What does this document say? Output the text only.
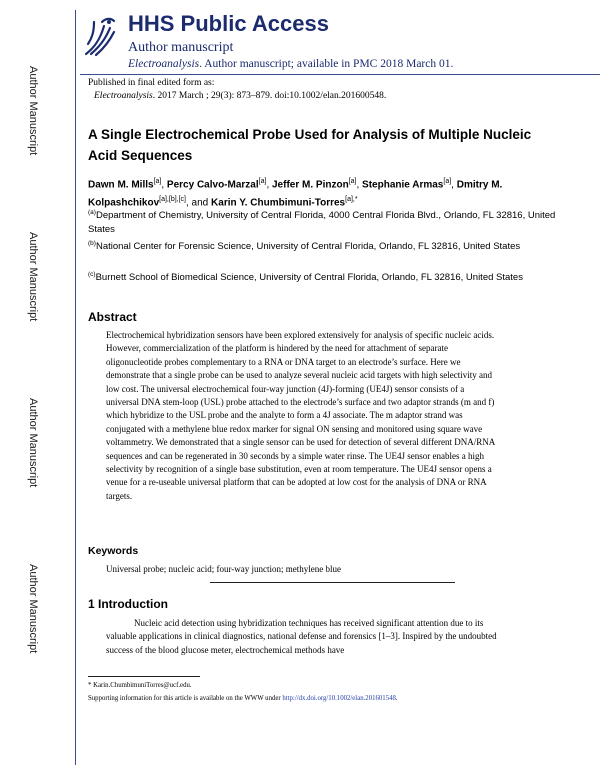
Author Manuscript
Author Manuscript
Author Manuscript
Author Manuscript
HHS Public Access
Author manuscript
Electroanalysis. Author manuscript; available in PMC 2018 March 01.
Published in final edited form as:
Electroanalysis. 2017 March ; 29(3): 873–879. doi:10.1002/elan.201600548.
A Single Electrochemical Probe Used for Analysis of Multiple Nucleic Acid Sequences
Dawn M. Mills[a], Percy Calvo-Marzal[a], Jeffer M. Pinzon[a], Stephanie Armas[a], Dmitry M. Kolpashchikov[a],[b],[c], and Karin Y. Chumbimuni-Torres$^{[a],*}$
$^{(a)}$Department of Chemistry, University of Central Florida, 4000 Central Florida Blvd., Orlando, FL 32816, United States
$^{(b)}$National Center for Forensic Science, University of Central Florida, Orlando, FL 32816, United States
$^{(c)}$Burnett School of Biomedical Science, University of Central Florida, Orlando, FL 32816, United States
Abstract

Electrochemical hybridization sensors have been explored extensively for analysis of specific nucleic acids. However, commercialization of the platform is hindered by the need for attachment of separate oligonucleotide probes complementary to a RNA or DNA target to an electrode’s surface. Here we demonstrate that a single probe can be used to analyze several nucleic acid targets with high selectivity and low cost. The universal electrochemical four-way junction (4J)-forming (UE4J) sensor consists of a universal DNA stem-loop (USL) probe attached to the electrode’s surface and two adaptor strands (m and f) which hybridize to the USL probe and the analyte to form a 4J associate. The m adaptor strand was conjugated with a methylene blue redox marker for signal ON sensing and monitored using square wave voltammetry. We demonstrated that a single sensor can be used for detection of several different DNA/RNA sequences and can be regenerated in 30 seconds by a simple water rinse. The UE4J sensor enables a high selectivity by recognition of a single base substitution, even at room temperature. The UE4J sensor opens a venue for a re-useable universal platform that can be adopted at low cost for the analysis of DNA or RNA targets.

Keywords
Universal probe; nucleic acid; four-way junction; methylene blue
1 Introduction

Nucleic acid detection using hybridization techniques has received significant attention due to its valuable applications in clinical diagnostics, national defense and forensics [1–3]. Inspired by the undoubted success of the blood glucose meter, electrochemical methods have

* Karin.ChumbimuniTorres@ucf.edu.
Supporting information for this article is available on the WWW under http://dx.doi.org/10.1002/elan.201601548.
